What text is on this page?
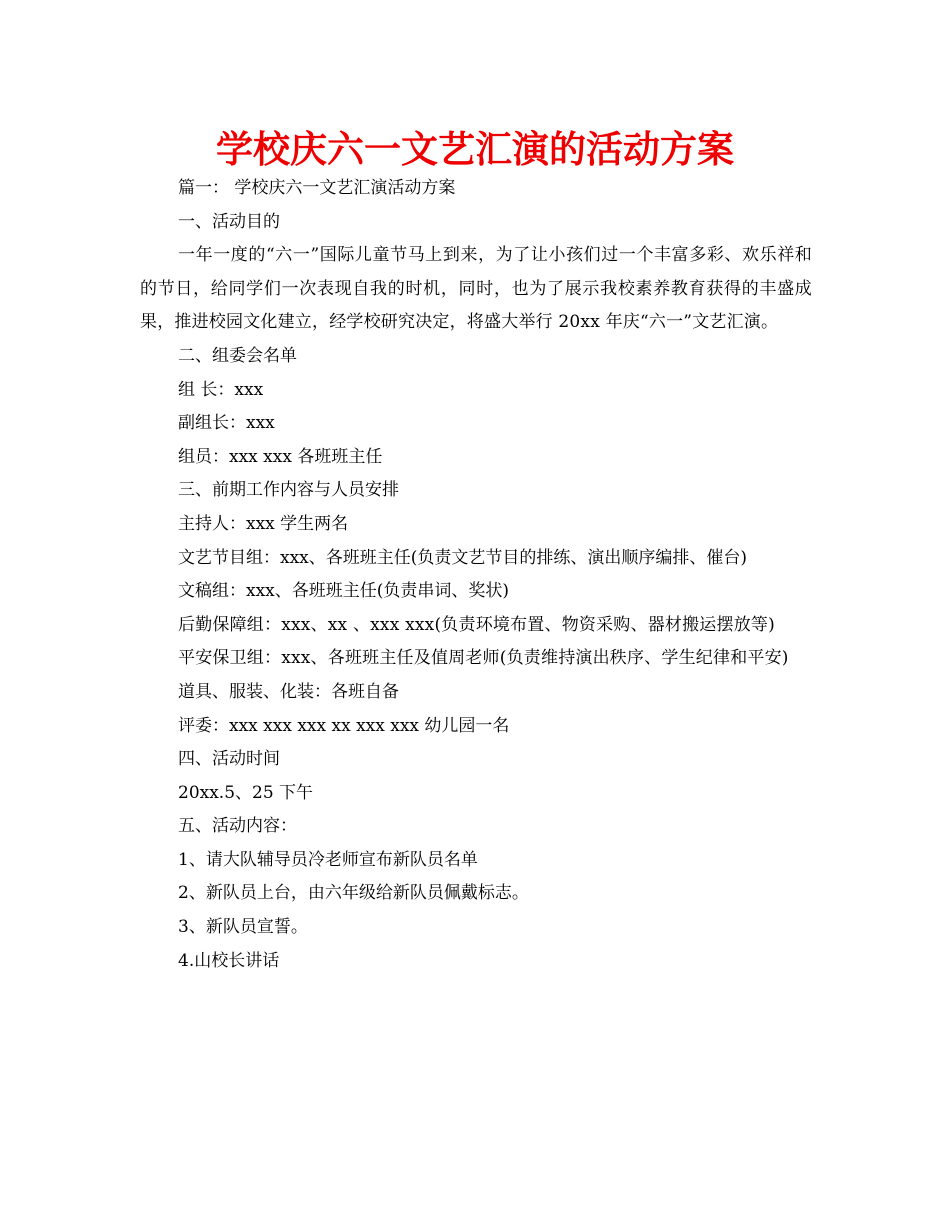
学校庆六一文艺汇演的活动方案
篇一： 学校庆六一文艺汇演活动方案
一、活动目的
一年一度的“六一”国际儿童节马上到来，为了让小孩们过一个丰富多彩、欢乐祥和的节日，给同学们一次表现自我的时机，同时，也为了展示我校素养教育获得的丰盛成果，推进校园文化建立，经学校研究决定，将盛大举行 20xx 年庆“六一”文艺汇演。
二、组委会名单
组 长：xxx
副组长：xxx
组员：xxx xxx 各班班主任
三、前期工作内容与人员安排
主持人：xxx 学生两名
文艺节目组：xxx、各班班主任(负责文艺节目的排练、演出顺序编排、催台)
文稿组：xxx、各班班主任(负责串词、奖状)
后勤保障组：xxx、xx 、xxx xxx(负责环境布置、物资采购、器材搬运摆放等)
平安保卫组：xxx、各班班主任及值周老师(负责维持演出秩序、学生纪律和平安)
道具、服装、化装：各班自备
评委：xxx xxx xxx xx xxx xxx 幼儿园一名
四、活动时间
20xx.5、25 下午
五、活动内容：
1、请大队辅导员冷老师宣布新队员名单
2、新队员上台，由六年级给新队员佩戴标志。
3、新队员宣誓。
4.山校长讲话
